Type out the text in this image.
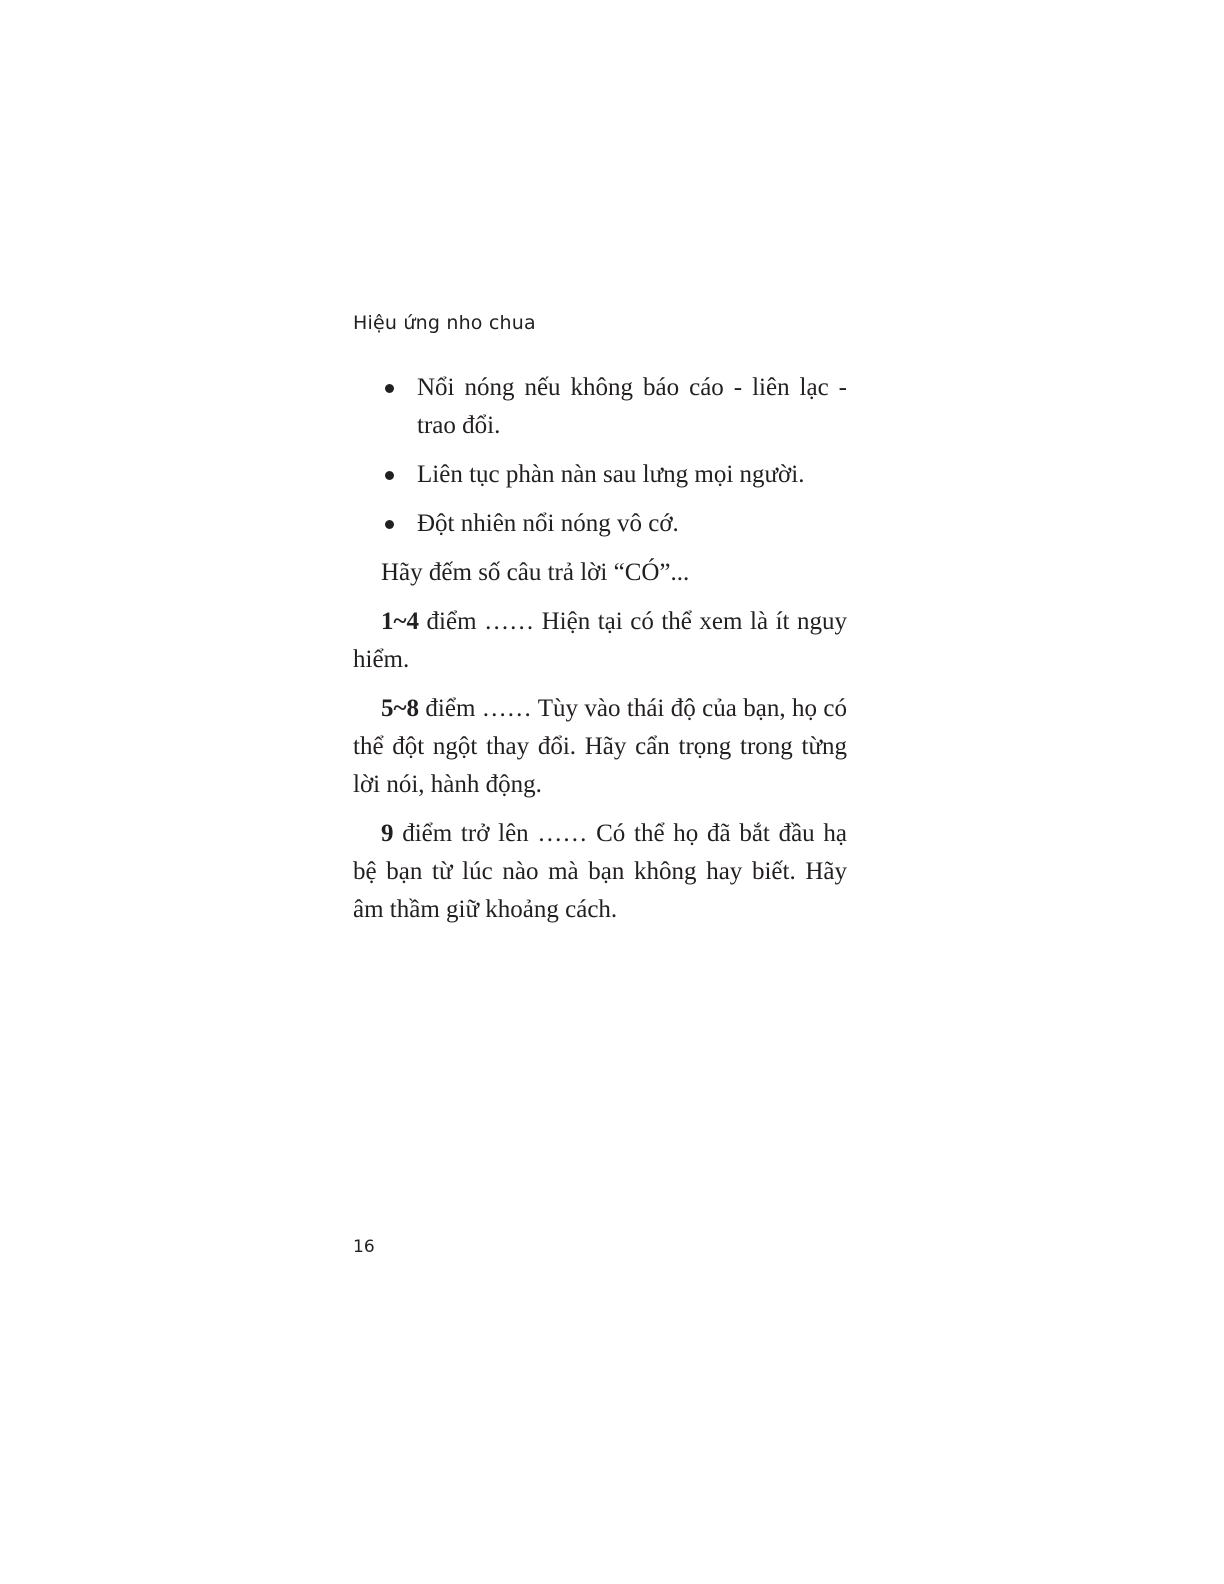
Hiệu ứng nho chua
Nổi nóng nếu không báo cáo - liên lạc - trao đổi.
Liên tục phàn nàn sau lưng mọi người.
Đột nhiên nổi nóng vô cớ.

Hãy đếm số câu trả lời “CÓ”...

1~4 điểm …… Hiện tại có thể xem là ít nguy hiểm.

5~8 điểm …… Tùy vào thái độ của bạn, họ có thể đột ngột thay đổi. Hãy cẩn trọng trong từng lời nói, hành động.

9 điểm trở lên …… Có thể họ đã bắt đầu hạ bệ bạn từ lúc nào mà bạn không hay biết. Hãy âm thầm giữ khoảng cách.

16
